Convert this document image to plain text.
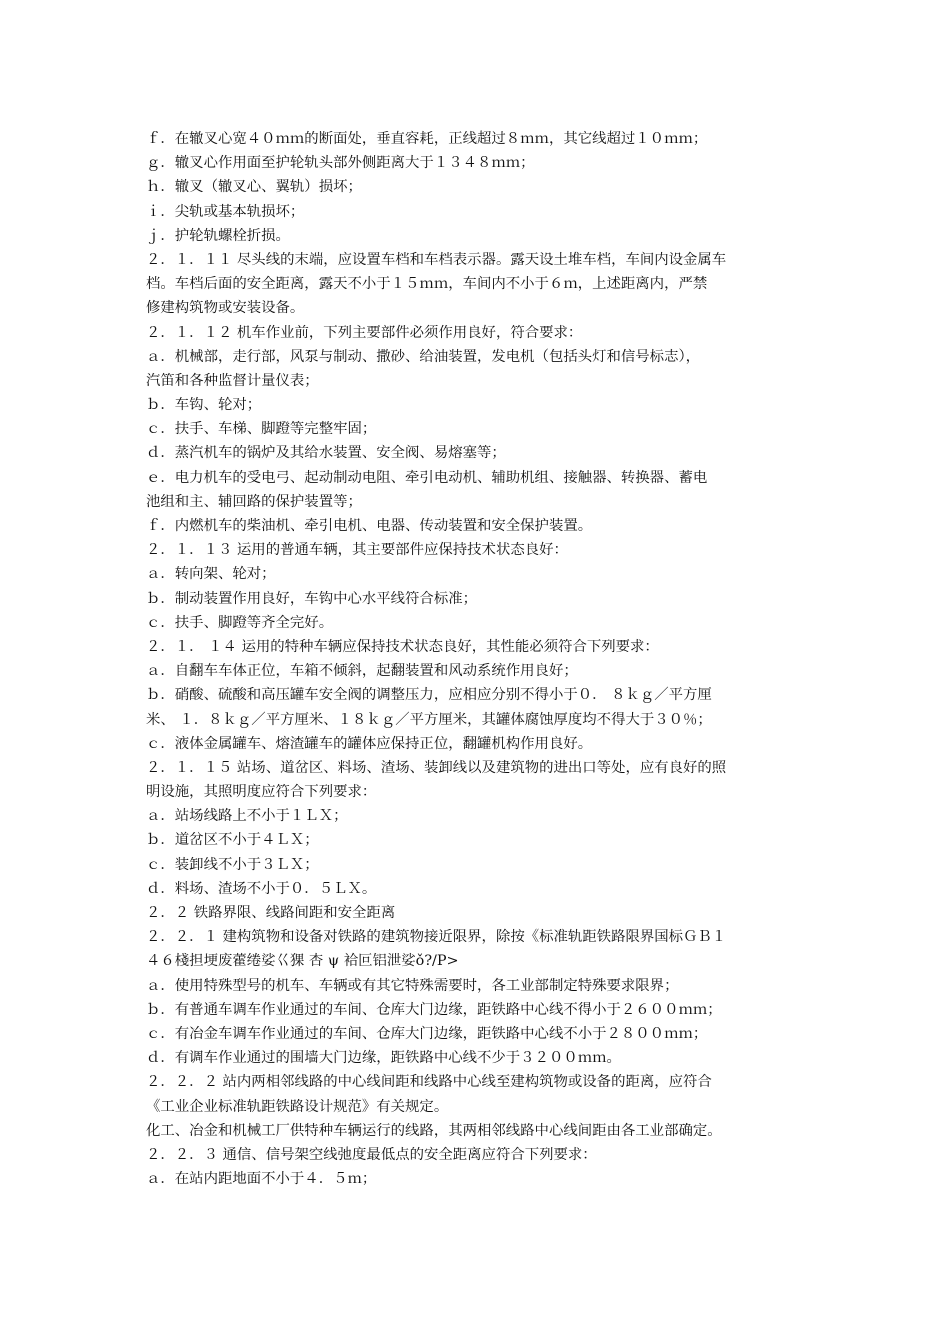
ｆ．在辙叉心宽４０ｍｍ的断面处，垂直容耗，正线超过８ｍｍ，其它线超过１０ｍｍ；
ｇ．辙叉心作用面至护轮轨头部外侧距离大于１３４８ｍｍ；
ｈ．辙叉（辙叉心、翼轨）损坏；
ｉ．尖轨或基本轨损坏；
ｊ．护轮轨螺栓折损。
２．１．１１ 尽头线的末端，应设置车档和车档表示器。露天设土堆车档，车间内设金属车
档。车档后面的安全距离，露天不小于１５ｍｍ，车间内不小于６ｍ，上述距离内，严禁
修建构筑物或安装设备。
２．１．１２ 机车作业前，下列主要部件必须作用良好，符合要求：
ａ．机械部，走行部，风泵与制动、撒砂、给油装置，发电机（包括头灯和信号标志），
汽笛和各种监督计量仪表；
ｂ．车钩、轮对；
ｃ．扶手、车梯、脚蹬等完整牢固；
ｄ．蒸汽机车的锅炉及其给水装置、安全阀、易熔塞等；
ｅ．电力机车的受电弓、起动制动电阻、牵引电动机、辅助机组、接触器、转换器、蓄电
池组和主、辅回路的保护装置等；
ｆ．内燃机车的柴油机、牵引电机、电器、传动装置和安全保护装置。
２．１．１３ 运用的普通车辆，其主要部件应保持技术状态良好：
ａ．转向架、轮对；
ｂ．制动装置作用良好，车钩中心水平线符合标准；
ｃ．扶手、脚蹬等齐全完好。
２．１． １４ 运用的特种车辆应保持技术状态良好，其性能必须符合下列要求：
ａ．自翻车车体正位，车箱不倾斜，起翻装置和风动系统作用良好；
ｂ．硝酸、硫酸和高压罐车安全阀的调整压力，应相应分别不得小于０． ８ｋｇ／平方厘
米、 １．８ｋｇ／平方厘米、１８ｋｇ／平方厘米，其罐体腐蚀厚度均不得大于３０％；
ｃ．液体金属罐车、熔渣罐车的罐体应保持正位，翻罐机构作用良好。
２．１．１５ 站场、道岔区、料场、渣场、装卸线以及建筑物的进出口等处，应有良好的照
明设施，其照明度应符合下列要求：
ａ．站场线路上不小于１ＬＸ；
ｂ．道岔区不小于４ＬＸ；
ｃ．装卸线不小于３ＬＸ；
ｄ．料场、渣场不小于０．５ＬＸ。
２．２ 铁路界限、线路间距和安全距离
２．２．１ 建构筑物和设备对铁路的建筑物接近限界，除按《标准轨距铁路限界国标ＧＢ１
４６棧担埂废藿绻娑巜猓 杏 ψ 袷叵铝泄娑ǒ?/P>
ａ．使用特殊型号的机车、车辆或有其它特殊需要时，各工业部制定特殊要求限界；
ｂ．有普通车调车作业通过的车间、仓库大门边缘，距铁路中心线不得小于２６００ｍｍ；
ｃ．有冶金车调车作业通过的车间、仓库大门边缘，距铁路中心线不小于２８００ｍｍ；
ｄ．有调车作业通过的围墙大门边缘，距铁路中心线不少于３２００ｍｍ。
２．２．２ 站内两相邻线路的中心线间距和线路中心线至建构筑物或设备的距离，应符合
《工业企业标准轨距铁路设计规范》有关规定。
化工、冶金和机械工厂供特种车辆运行的线路，其两相邻线路中心线间距由各工业部确定。
２．２．３ 通信、信号架空线弛度最低点的安全距离应符合下列要求：
ａ．在站内距地面不小于４．５ｍ；
